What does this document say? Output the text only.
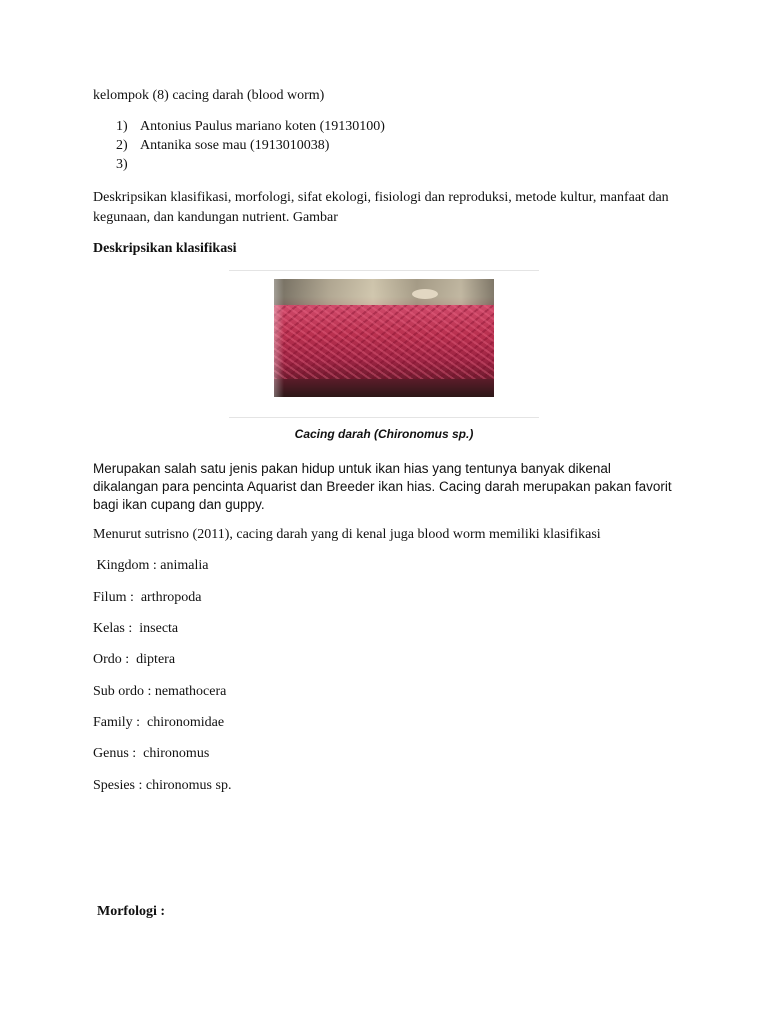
kelompok (8) cacing darah (blood worm)
1) Antonius Paulus mariano koten (19130100)
2) Antanika sose mau (1913010038)
3)
Deskripsikan klasifikasi, morfologi, sifat ekologi, fisiologi dan reproduksi, metode kultur, manfaat dan kegunaan, dan kandungan nutrient. Gambar
Deskripsikan klasifikasi
Cacing darah (Chironomus sp.)
Merupakan salah satu jenis pakan hidup untuk ikan hias yang tentunya banyak dikenal dikalangan para pencinta Aquarist dan Breeder ikan hias. Cacing darah merupakan pakan favorit bagi ikan cupang dan guppy.
Menurut sutrisno (2011), cacing darah yang di kenal juga blood worm memiliki klasifikasi
Kingdom : animalia
Filum :  arthropoda
Kelas :  insecta
Ordo :  diptera
Sub ordo : nemathocera
Family :  chironomidae
Genus :  chironomus
Spesies : chironomus sp.
Morfologi :
